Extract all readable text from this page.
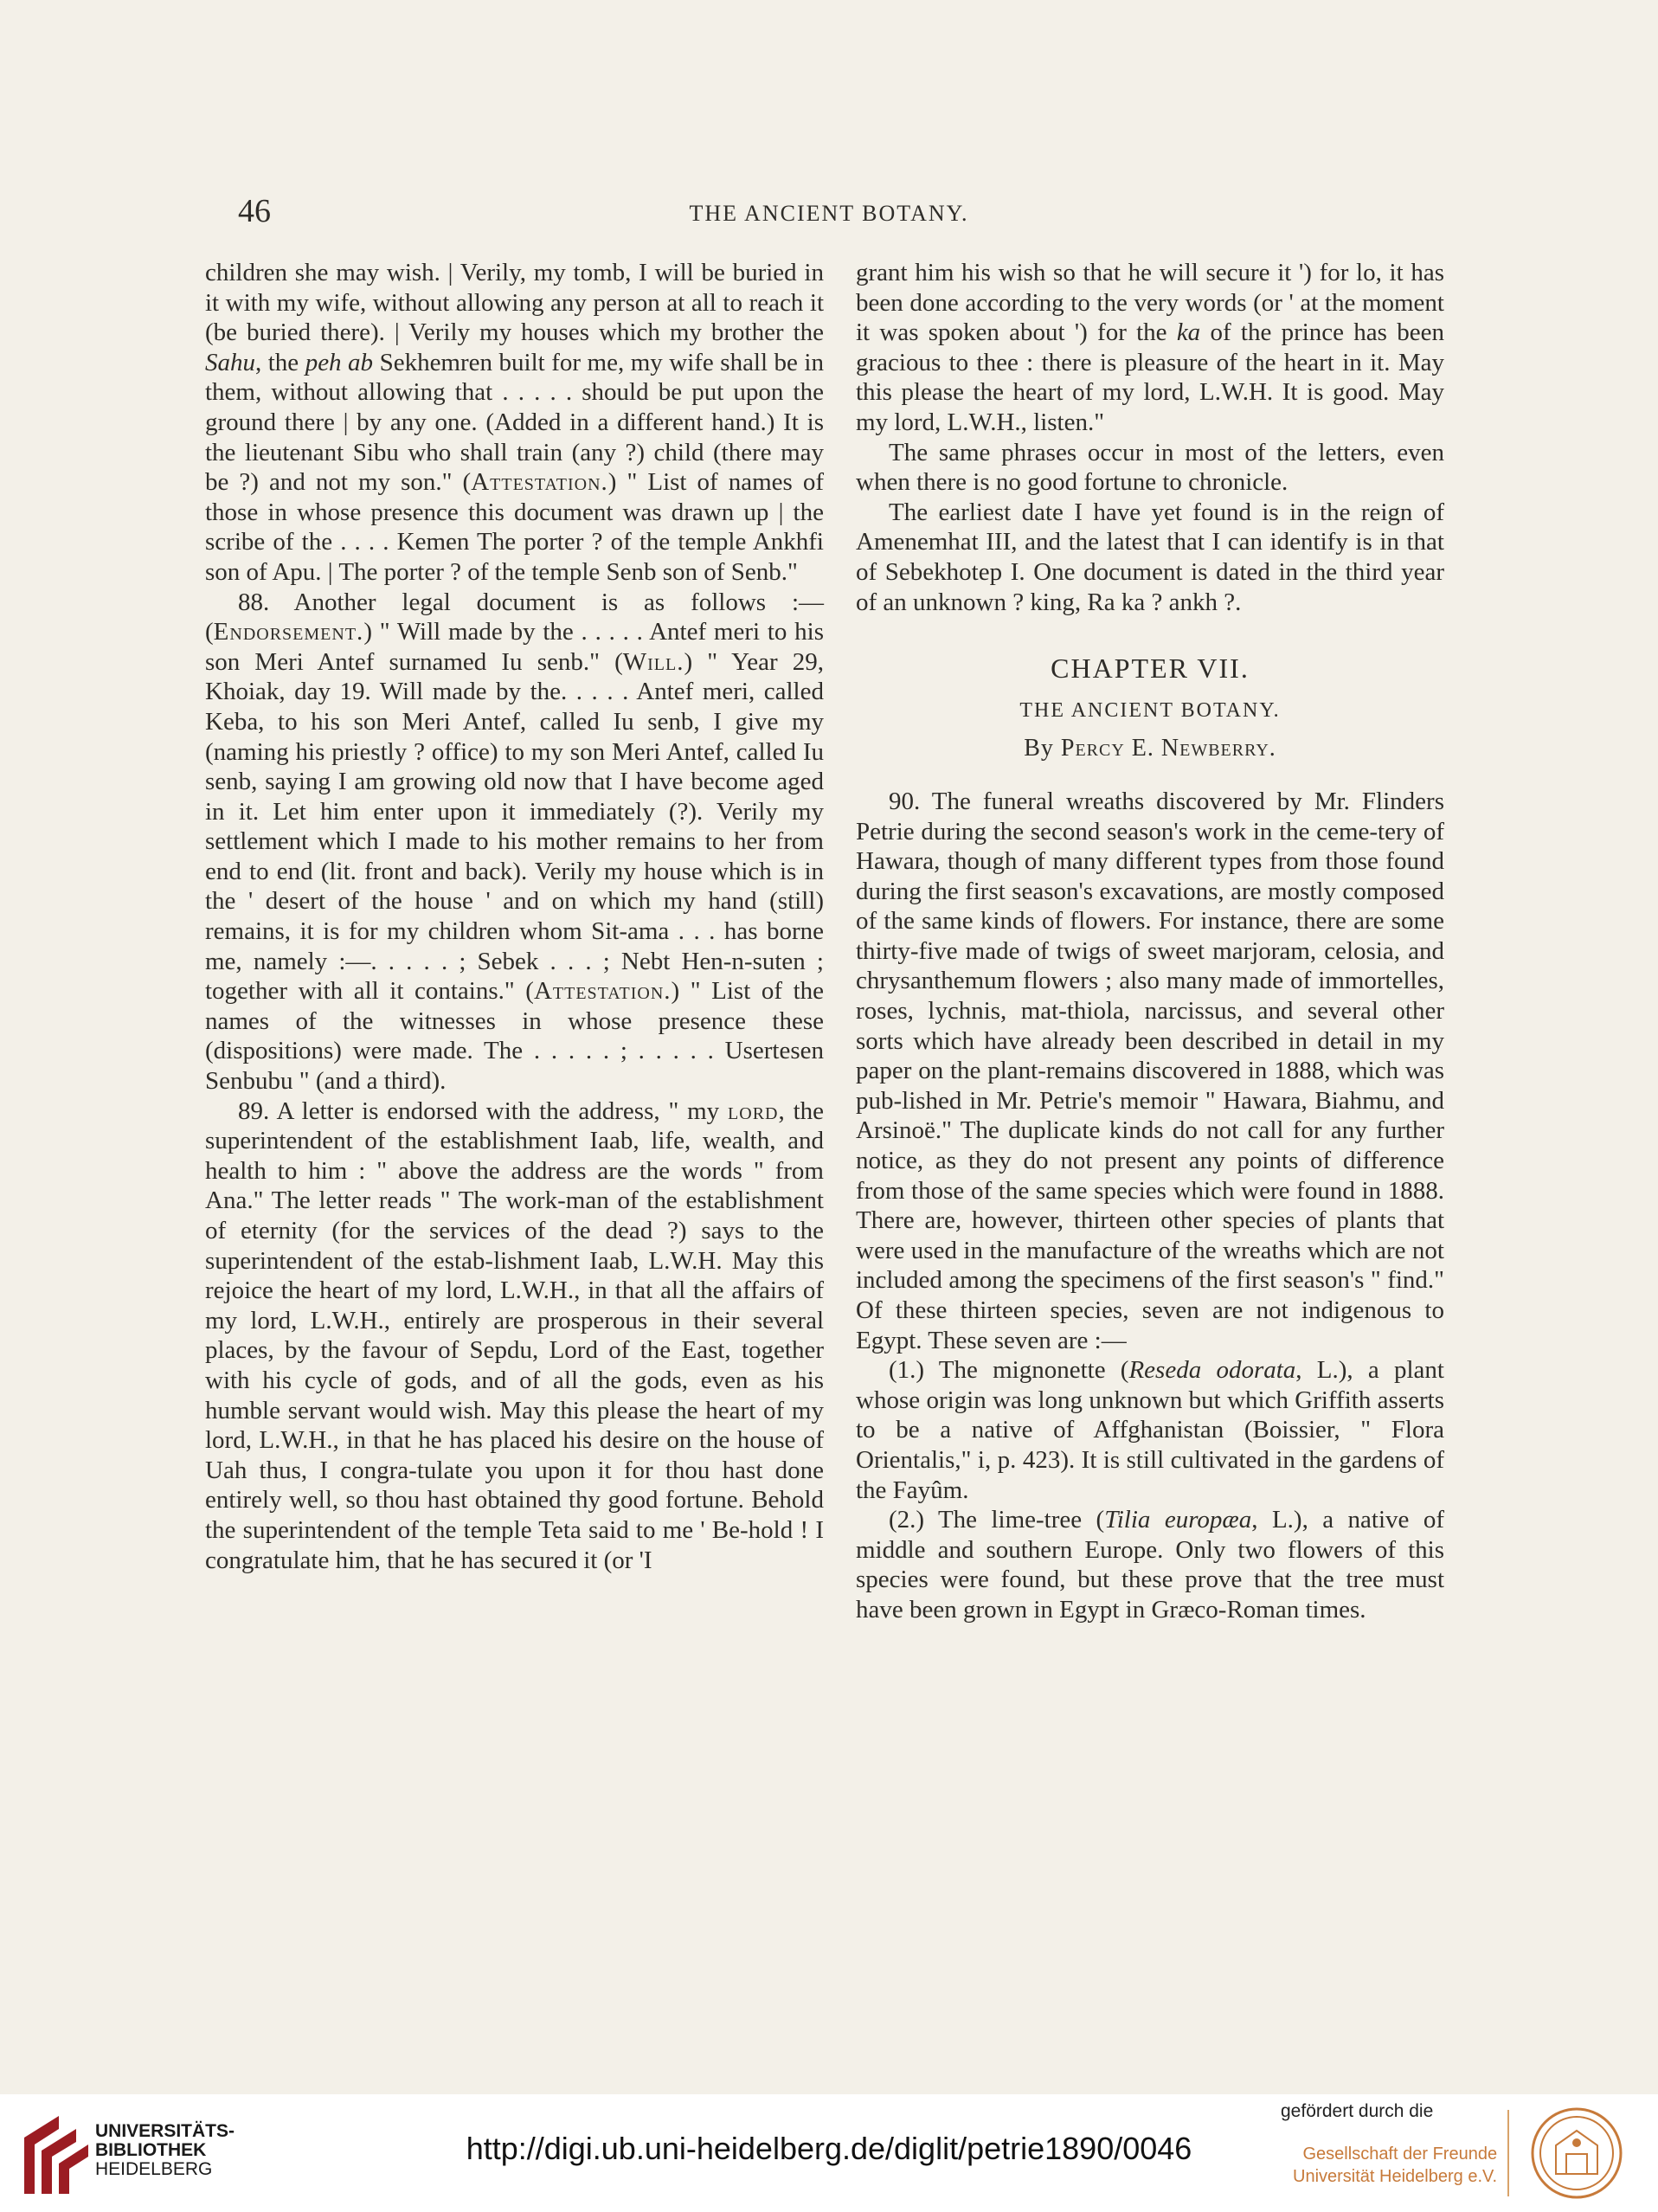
46	THE ANCIENT BOTANY.

children she may wish. | Verily, my tomb, I will be buried in it with my wife, without allowing any person at all to reach it (be buried there). | Verily my houses which my brother the Sahu, the peh ab Sekhemren built for me, my wife shall be in them, without allowing that . . . . . should be put upon the ground there | by any one. (Added in a different hand.) It is the lieutenant Sibu who shall train (any ?) child (there may be ?) and not my son." (Attestation.) " List of names of those in whose presence this document was drawn up | the scribe of the . . . . Kemen The porter ? of the temple Ankhfi son of Apu. | The porter ? of the temple Senb son of Senb."

88. Another legal document is as follows :— (Endorsement.) " Will made by the . . . . . Antef meri to his son Meri Antef surnamed Iu senb." (Will.) " Year 29, Khoiak, day 19. Will made by the. . . . . Antef meri, called Keba, to his son Meri Antef, called Iu senb, I give my (naming his priestly ? office) to my son Meri Antef, called Iu senb, saying I am growing old now that I have become aged in it. Let him enter upon it immediately (?). Verily my settlement which I made to his mother remains to her from end to end (lit. front and back). Verily my house which is in the ' desert of the house ' and on which my hand (still) remains, it is for my children whom Sit-ama . . . has borne me, namely :—. . . . . ; Sebek . . . ; Nebt Hen-n-suten ; together with all it contains." (Attestation.) " List of the names of the witnesses in whose presence these (dispositions) were made. The . . . . . ; . . . . . Usertesen Senbubu " (and a third).

89. A letter is endorsed with the address, " my lord, the superintendent of the establishment Iaab, life, wealth, and health to him : " above the address are the words " from Ana." The letter reads " The work-man of the establishment of eternity (for the services of the dead ?) says to the superintendent of the estab-lishment Iaab, L.W.H. May this rejoice the heart of my lord, L.W.H., in that all the affairs of my lord, L.W.H., entirely are prosperous in their several places, by the favour of Sepdu, Lord of the East, together with his cycle of gods, and of all the gods, even as his humble servant would wish. May this please the heart of my lord, L.W.H., in that he has placed his desire on the house of Uah thus, I congra-tulate you upon it for thou hast done entirely well, so thou hast obtained thy good fortune. Behold the superintendent of the temple Teta said to me ' Be-hold ! I congratulate him, that he has secured it (or 'I

grant him his wish so that he will secure it ') for lo, it has been done according to the very words (or ' at the moment it was spoken about ') for the ka of the prince has been gracious to thee : there is pleasure of the heart in it. May this please the heart of my lord, L.W.H. It is good. May my lord, L.W.H., listen."

The same phrases occur in most of the letters, even when there is no good fortune to chronicle.

The earliest date I have yet found is in the reign of Amenemhat III, and the latest that I can identify is in that of Sebekhotep I. One document is dated in the third year of an unknown ? king, Ra ka ? ankh ?.

CHAPTER VII.
THE ANCIENT BOTANY.
By Percy E. Newberry.

90. The funeral wreaths discovered by Mr. Flinders Petrie during the second season's work in the ceme-tery of Hawara, though of many different types from those found during the first season's excavations, are mostly composed of the same kinds of flowers. For instance, there are some thirty-five made of twigs of sweet marjoram, celosia, and chrysanthemum flowers ; also many made of immortelles, roses, lychnis, mat-thiola, narcissus, and several other sorts which have already been described in detail in my paper on the plant-remains discovered in 1888, which was pub-lished in Mr. Petrie's memoir " Hawara, Biahmu, and Arsinoë." The duplicate kinds do not call for any further notice, as they do not present any points of difference from those of the same species which were found in 1888. There are, however, thirteen other species of plants that were used in the manufacture of the wreaths which are not included among the specimens of the first season's " find." Of these thirteen species, seven are not indigenous to Egypt. These seven are :—

(1.) The mignonette (Reseda odorata, L.), a plant whose origin was long unknown but which Griffith asserts to be a native of Affghanistan (Boissier, " Flora Orientalis," i, p. 423). It is still cultivated in the gardens of the Fayûm.

(2.) The lime-tree (Tilia europæa, L.), a native of middle and southern Europe. Only two flowers of this species were found, but these prove that the tree must have been grown in Egypt in Græco-Roman times.

UNIVERSITÄTS-
BIBLIOTHEK
HEIDELBERG
http://digi.ub.uni-heidelberg.de/diglit/petrie1890/0046
gefördert durch die
Gesellschaft der Freunde
Universität Heidelberg e.V.
